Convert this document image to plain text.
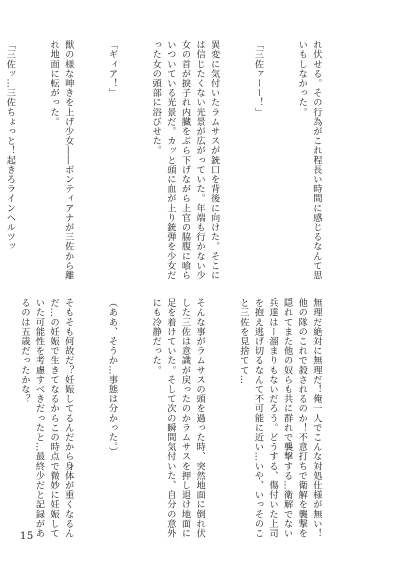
れ伏せる。その行為がこれ程長い時間に感じるなんて思いもしなかった。

「三佐ァーー！」

異変に気付いたラムサスが銃口を背後に向けた。そこには信じたくない光景が広がっていた。年端も行かない少女の首が捩子れ内臓をぶら下げながら上官の脇腹に喰らいついている光景だ。カッと頭に血が上り銃弾を少女だった女の頭部に浴びせた。

「ギィア！」

獣の様な呻きを上げ少女――ボンティアナが三佐から離れ地面に転がった。

「三佐ッ…三佐ちょっと！起きろラインヘルツッ

無理だ絶対に無理だ！俺一人でこんな対処仕様が無い！他の隊のこれで殺されるのか！不意打ちで衛解を襲撃を隠れてまた他の奴らも共に群れで襲撃する…衛解でない兵達はー溜まりもないだろう。どうする、傷付いた上司を抱え逃げ切るなんて不可能に近い…いや、いっそのこと三佐を見捨てて…

そんな事がラムサスの頭を過った時、突然地面に倒れ伏した三佐は意識が戻ったのかラムサスを押し退け地面に足を着けていた。そして次の瞬間気付いた、自分の意外にも冷静だった。

（ああ、そうか…事態は分かった。）

そもそも何故だ？妊娠してるんだから身体が重くなるんだ…の妊娠で生きてなるからこの時点で微妙に妊娠していた可能性を考慮すべきだったと…最終少だと記録があるのは五歳だったかな？

15
